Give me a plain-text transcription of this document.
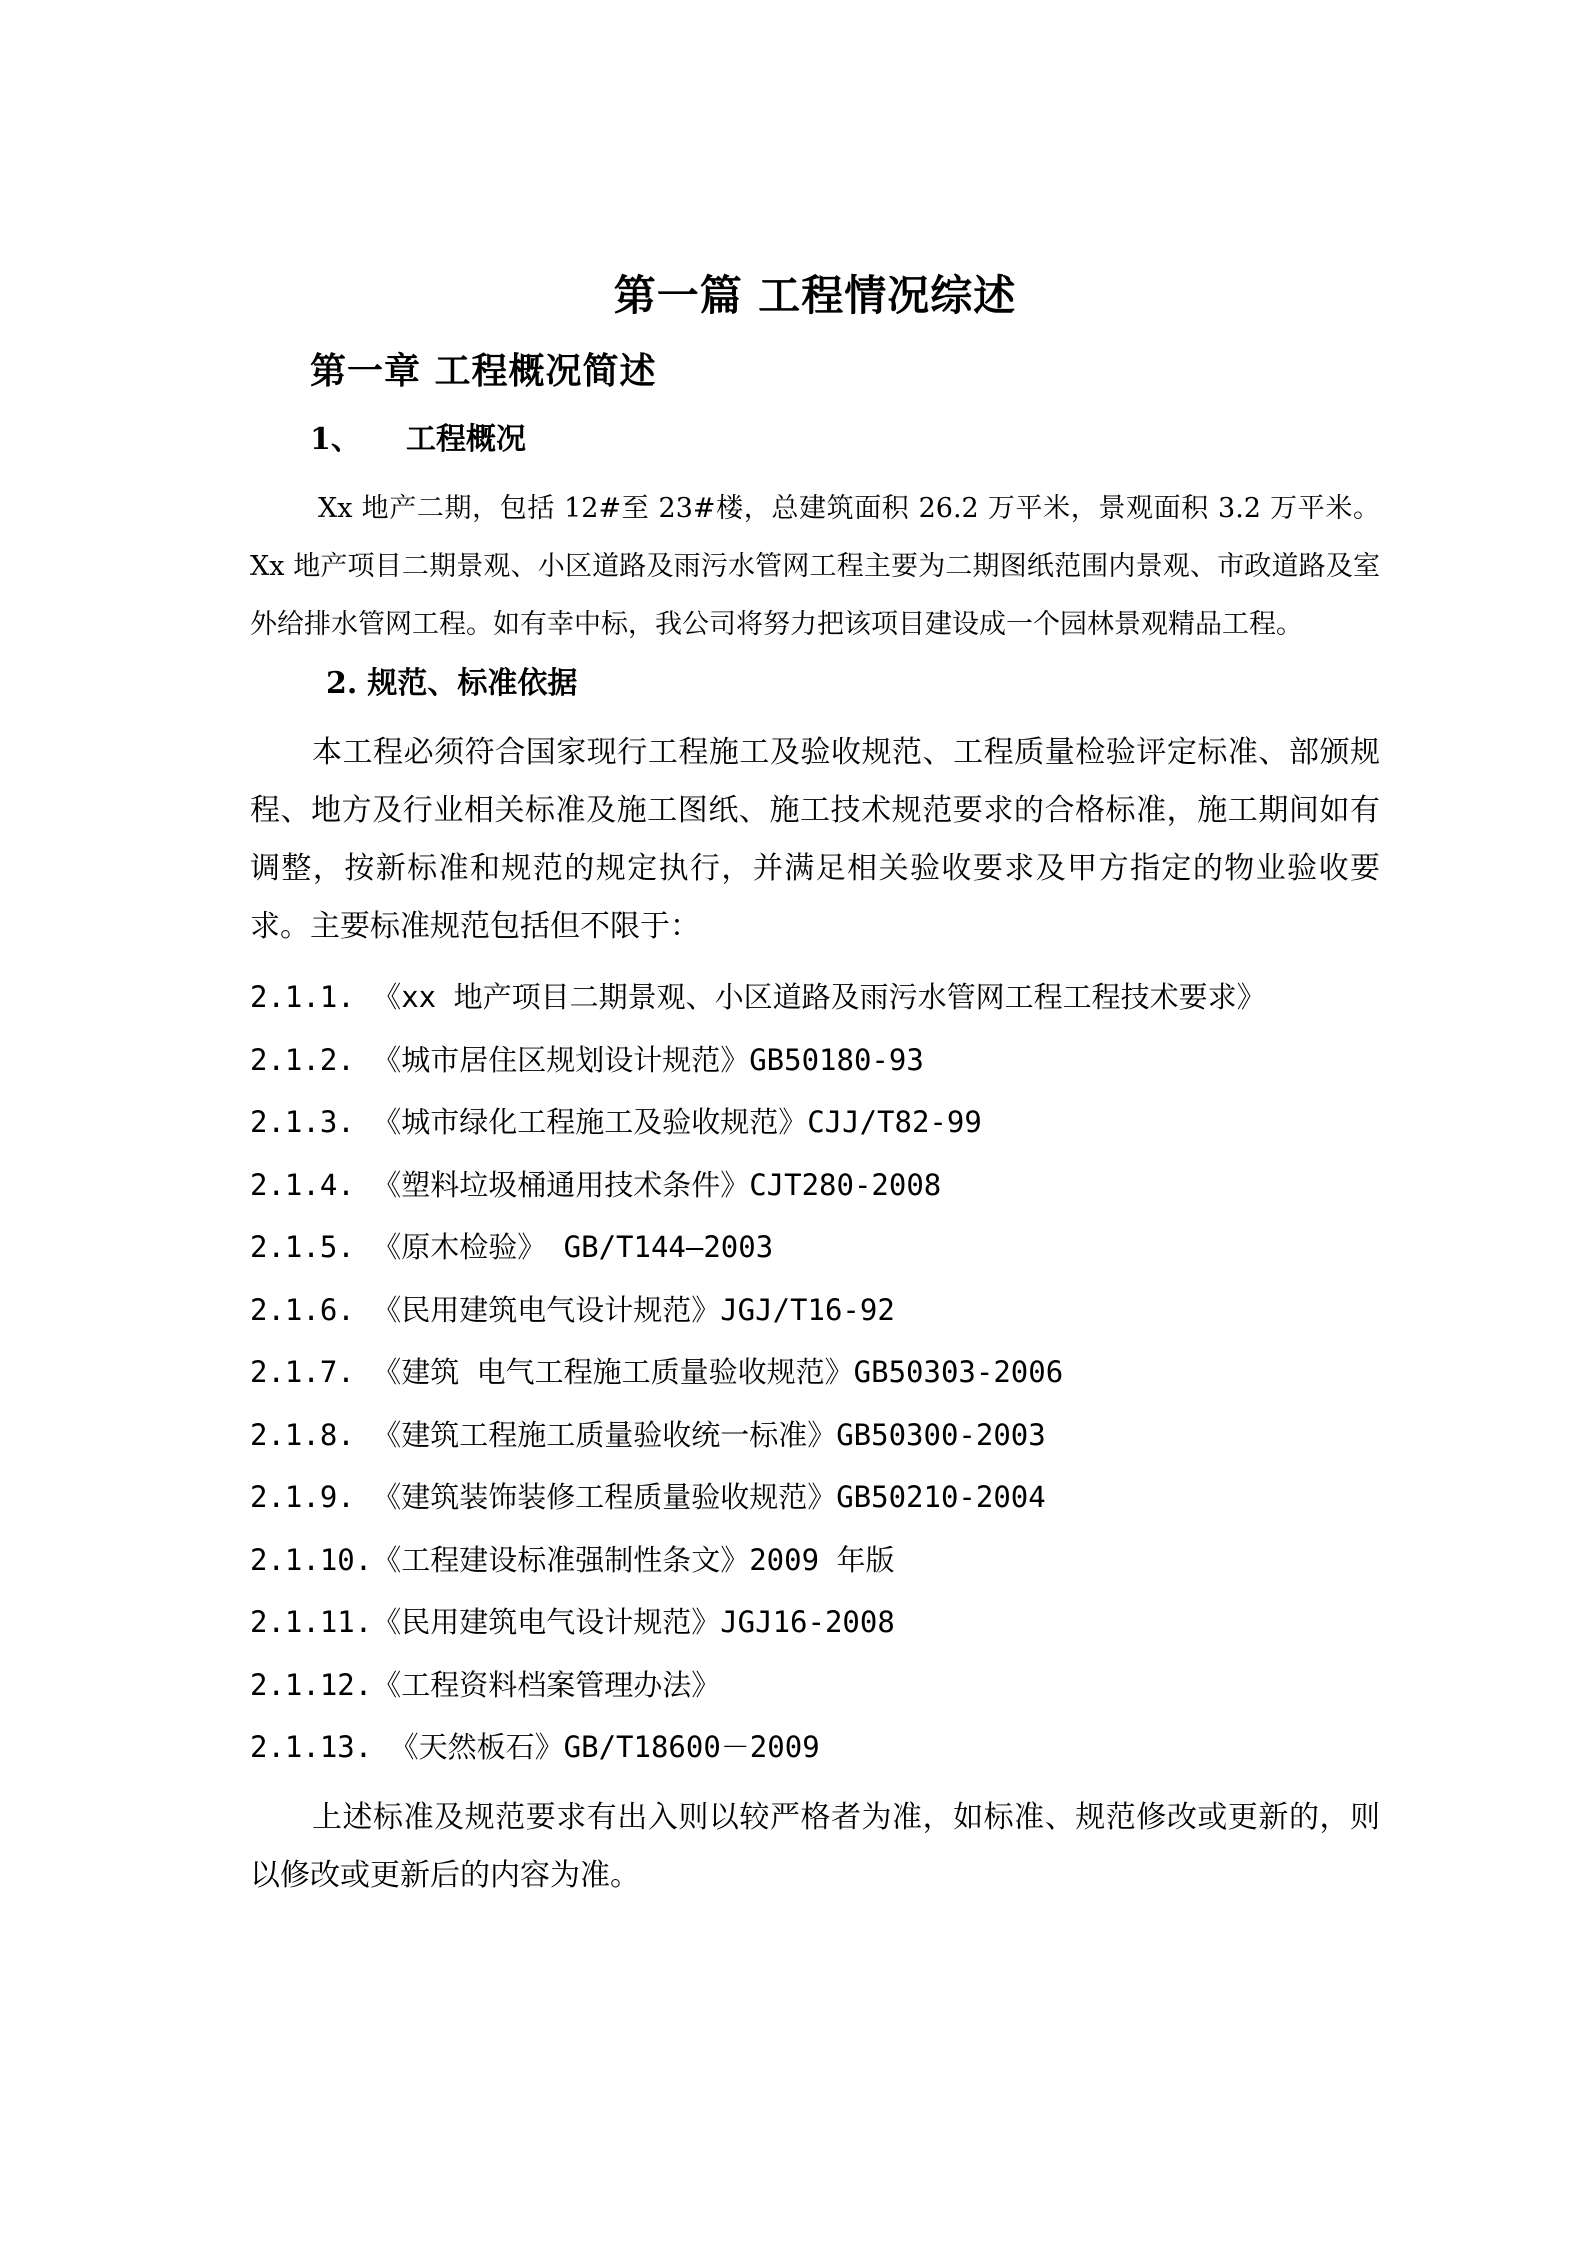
第一篇 工程情况综述
第一章 工程概况简述
1、 工程概况

Xx 地产二期，包括 12#至 23#楼，总建筑面积 26.2 万平米，景观面积 3.2 万平米。Xx 地产项目二期景观、小区道路及雨污水管网工程主要为二期图纸范围内景观、市政道路及室外给排水管网工程。如有幸中标，我公司将努力把该项目建设成一个园林景观精品工程。

2. 规范、标准依据

本工程必须符合国家现行工程施工及验收规范、工程质量检验评定标准、部颁规程、地方及行业相关标准及施工图纸、施工技术规范要求的合格标准，施工期间如有调整，按新标准和规范的规定执行，并满足相关验收要求及甲方指定的物业验收要求。主要标准规范包括但不限于：

2.1.1. 《xx 地产项目二期景观、小区道路及雨污水管网工程工程技术要求》
2.1.2. 《城市居住区规划设计规范》GB50180-93
2.1.3. 《城市绿化工程施工及验收规范》CJJ/T82-99
2.1.4. 《塑料垃圾桶通用技术条件》CJT280-2008
2.1.5. 《原木检验》 GB/T144—2003
2.1.6. 《民用建筑电气设计规范》JGJ/T16-92
2.1.7. 《建筑 电气工程施工质量验收规范》GB50303-2006
2.1.8. 《建筑工程施工质量验收统一标准》GB50300-2003
2.1.9. 《建筑装饰装修工程质量验收规范》GB50210-2004
2.1.10.《工程建设标准强制性条文》2009 年版
2.1.11.《民用建筑电气设计规范》JGJ16-2008
2.1.12.《工程资料档案管理办法》
2.1.13. 《天然板石》GB/T18600－2009

上述标准及规范要求有出入则以较严格者为准，如标准、规范修改或更新的，则以修改或更新后的内容为准。
